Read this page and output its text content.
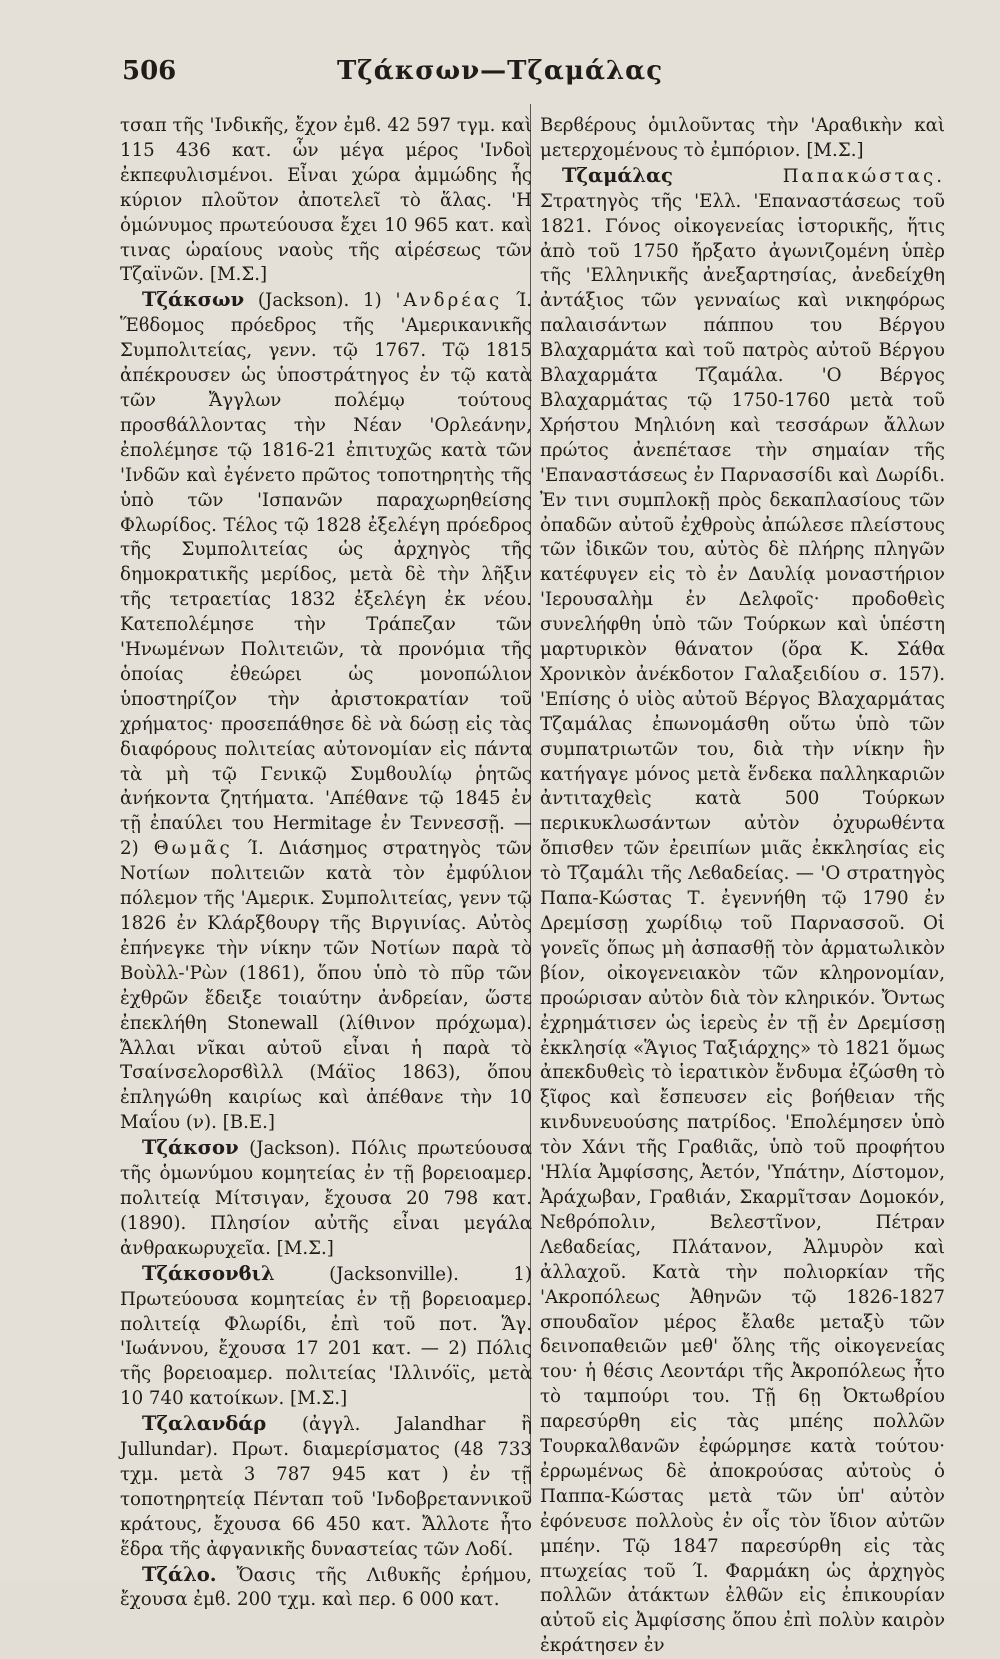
506	Τζάκσων—Τζαμάλας

τσαπ τῆς 'Ινδικῆς, ἔχον ἐμϐ. 42 597 τγμ. καὶ 115 436 κατ. ὧν μέγα μέρος 'Ινδοὶ ἐκπεφυλισμένοι. Εἶναι χώρα ἀμμώδης ἧς κύριον πλοῦτον ἀποτελεῖ τὸ ἅλας. 'Η ὁμώνυμος πρωτεύουσα ἔχει 10 965 κατ. καὶ τινας ὡραίους ναοὺς τῆς αἱρέσεως τῶν Τζαϊνῶν. [Μ.Σ.]

Τζάκσων (Jackson). 1) 'Ανδρέας Ί. Ἕϐδομος πρόεδρος τῆς 'Αμερικανικῆς Συμπολιτείας, γενν. τῷ 1767. Τῷ 1815 ἀπέκρουσεν ὡς ὑποστράτηγος ἐν τῷ κατὰ τῶν Ἄγγλων πολέμῳ τούτους προσϐάλλοντας τὴν Νέαν 'Ορλεάνην, ἐπολέμησε τῷ 1816-21 ἐπιτυχῶς κατὰ τῶν 'Ινδῶν καὶ ἐγένετο πρῶτος τοποτηρητὴς τῆς ὑπὸ τῶν 'Ισπανῶν παραχωρηθείσης Φλωρίδος. Τέλος τῷ 1828 ἐξελέγη πρόεδρος τῆς Συμπολιτείας ὡς ἀρχηγὸς τῆς δημοκρατικῆς μερίδος, μετὰ δὲ τὴν λῆξιν τῆς τετραετίας 1832 ἐξελέγη ἐκ νέου. Κατεπολέμησε τὴν Τράπεζαν τῶν 'Ηνωμένων Πολιτειῶν, τὰ προνόμια τῆς ὁποίας ἐθεώρει ὡς μονοπώλιον ὑποστηρίζον τὴν ἀριστοκρατίαν τοῦ χρήματος· προσεπάθησε δὲ νὰ δώσῃ εἰς τὰς διαφόρους πολιτείας αὐτονομίαν εἰς πάντα τὰ μὴ τῷ Γενικῷ Συμϐουλίῳ ῥητῶς ἀνήκοντα ζητήματα. 'Απέθανε τῷ 1845 ἐν τῇ ἐπαύλει του Hermitage ἐν Τεννεσσῇ. — 2) Θωμᾶς Ί. Διάσημος στρατηγὸς τῶν Νοτίων πολιτειῶν κατὰ τὸν ἐμφύλιον πόλεμον τῆς 'Αμερικ. Συμπολιτείας, γενν τῷ 1826 ἐν Κλάρξϐουργ τῆς Βιργινίας. Αὐτὸς ἐπήνεγκε τὴν νίκην τῶν Νοτίων παρὰ τὸ Βοὺλλ-'Ρὼν (1861), ὅπου ὑπὸ τὸ πῦρ τῶν ἐχθρῶν ἔδειξε τοιαύτην ἀνδρείαν, ὥστε ἐπεκλήθη Stonewall (λίθινον πρόχωμα). Ἄλλαι νῖκαι αὐτοῦ εἶναι ἡ παρὰ τὸ Τσαίνσελορσϐὶλλ (Μάϊος 1863), ὅπου ἐπληγώθη καιρίως καὶ ἀπέθανε τὴν 10 Μαΐου (ν). [Β.Ε.]

Τζάκσον (Jackson). Πόλις πρωτεύουσα τῆς ὁμωνύμου κομητείας ἐν τῇ βορειοαμερ. πολιτείᾳ Μίτσιγαν, ἔχουσα 20 798 κατ. (1890). Πλησίον αὐτῆς εἶναι μεγάλα ἀνθρακωρυχεῖα. [Μ.Σ.]

Τζάκσονϐιλ (Jacksonville). 1) Πρωτεύουσα κομητείας ἐν τῇ βορειοαμερ. πολιτείᾳ Φλωρίδι, ἐπὶ τοῦ ποτ. Ἅγ. 'Ιωάννου, ἔχουσα 17 201 κατ. — 2) Πόλις τῆς βορειοαμερ. πολιτείας 'Ιλλινόϊς, μετὰ 10 740 κατοίκων. [Μ.Σ.]

Τζαλανδάρ (ἀγγλ. Jalandhar ἢ Jullundar). Πρωτ. διαμερίσματος (48 733 τχμ. μετὰ 3 787 945 κατ ) ἐν τῇ τοποτηρητείᾳ Πένταπ τοῦ 'Ινδοβρεταννικοῦ κράτους, ἔχουσα 66 450 κατ. Ἄλλοτε ἦτο ἕδρα τῆς ἀφγανικῆς δυναστείας τῶν Λοδί.

Τζάλο. Ὄασις τῆς Λιϐυκῆς ἐρήμου, ἔχουσα ἐμϐ. 200 τχμ. καὶ περ. 6 000 κατ.

Βερϐέρους ὁμιλοῦντας τὴν 'Αραϐικὴν καὶ μετερχομένους τὸ ἐμπόριον. [Μ.Σ.]

Τζαμάλας	Παπακώστας. Στρατηγὸς τῆς 'Ελλ. 'Επαναστάσεως τοῦ 1821. Γόνος οἰκογενείας ἱστορικῆς, ἥτις ἀπὸ τοῦ 1750 ἤρξατο ἀγωνιζομένη ὑπὲρ τῆς 'Ελληνικῆς ἀνεξαρτησίας, ἀνεδείχθη ἀντάξιος τῶν γενναίως καὶ νικηφόρως παλαισάντων πάππου του Βέργου Βλαχαρμάτα καὶ τοῦ πατρὸς αὐτοῦ Βέργου Βλαχαρμάτα Τζαμάλα. 'Ο Βέργος Βλαχαρμάτας τῷ 1750-1760 μετὰ τοῦ Χρήστου Μηλιόνη καὶ τεσσάρων ἄλλων πρώτος ἀνεπέτασε τὴν σημαίαν τῆς 'Επαναστάσεως ἐν Παρνασσίδι καὶ Δωρίδι. Ἐν τινι συμπλοκῇ πρὸς δεκαπλασίους τῶν ὀπαδῶν αὐτοῦ ἐχθροὺς ἀπώλεσε πλείστους τῶν ἰδικῶν του, αὐτὸς δὲ πλήρης πληγῶν κατέφυγεν εἰς τὸ ἐν Δαυλίᾳ μοναστήριον 'Ιερουσαλὴμ ἐν Δελφοῖς· προδοθεὶς συνελήφθη ὑπὸ τῶν Τούρκων καὶ ὑπέστη μαρτυρικὸν θάνατον (ὅρα Κ. Σάθα Χρονικὸν ἀνέκδοτον Γαλαξειδίου σ. 157). 'Επίσης ὁ υἱὸς αὐτοῦ Βέργος Βλαχαρμάτας Τζαμάλας ἐπωνομάσθη οὕτω ὑπὸ τῶν συμπατριωτῶν του, διὰ τὴν νίκην ἣν κατήγαγε μόνος μετὰ ἕνδεκα παλληκαριῶν ἀντιταχθεὶς κατὰ 500 Τούρκων περικυκλωσάντων αὐτὸν ὀχυρωθέντα ὄπισθεν τῶν ἐρειπίων μιᾶς ἐκκλησίας εἰς τὸ Τζαμάλι τῆς Λεϐαδείας. — 'Ο στρατηγὸς Παπα-Κώστας Τ. ἐγεννήθη τῷ 1790 ἐν Δρεμίσσῃ χωρίδιῳ τοῦ Παρνασσοῦ. Οἱ γονεῖς ὅπως μὴ ἀσπασθῇ τὸν ἁρματωλικὸν βίον, οἰκογενειακὸν τῶν κληρονομίαν, προώρισαν αὐτὸν διὰ τὸν κληρικόν. Ὄντως ἐχρημάτισεν ὡς ἱερεὺς ἐν τῇ ἐν Δρεμίσσῃ ἐκκλησίᾳ «Ἅγιος Ταξιάρχης» τὸ 1821 ὅμως ἀπεκδυθεὶς τὸ ἱερατικὸν ἔνδυμα ἐζώσθη τὸ ξῖφος καὶ ἔσπευσεν εἰς βοήθειαν τῆς κινδυνευούσης πατρίδος. 'Επολέμησεν ὑπὸ τὸν Χάνι τῆς Γραϐιᾶς, ὑπὸ τοῦ προφήτου 'Ηλία Ἀμφίσσης, Ἀετόν, 'Υπάτην, Δίστομον, Ἀράχωβαν, Γραϐιάν, Σκαρμῖτσαν Δομοκόν, Νεϐρόπολιν, Βελεστῖνον, Πέτραν Λεϐαδείας, Πλάτανον, Ἀλμυρὸν καὶ ἀλλαχοῦ. Κατὰ τὴν πολιορκίαν τῆς 'Ακροπόλεως Ἀθηνῶν τῷ 1826-1827 σπουδαῖον μέρος ἔλαϐε μεταξὺ τῶν δεινοπαθειῶν μεθ' ὅλης τῆς οἰκογενείας του· ἡ θέσις Λεοντάρι τῆς Ἀκροπόλεως ἦτο τὸ ταμπούρι του. Τῇ 6ῃ Ὀκτωϐρίου παρεσύρθη εἰς τὰς μπέης πολλῶν Τουρκαλϐανῶν ἐφώρμησε κατὰ τούτου· ἐρρωμένως δὲ ἀποκρούσας αὐτοὺς ὁ Παππα-Κώστας μετὰ τῶν ὑπ' αὐτὸν ἐφόνευσε πολλοὺς ἐν οἷς τὸν ἴδιον αὐτῶν μπέην. Τῷ 1847 παρεσύρθη εἰς τὰς πτωχείας τοῦ Ί. Φαρμάκη ὡς ἀρχηγὸς πολλῶν ἀτάκτων ἐλθῶν εἰς ἐπικουρίαν αὐτοῦ εἰς Ἀμφίσσης ὅπου ἐπὶ πολὺν καιρὸν ἐκράτησεν ἐν
